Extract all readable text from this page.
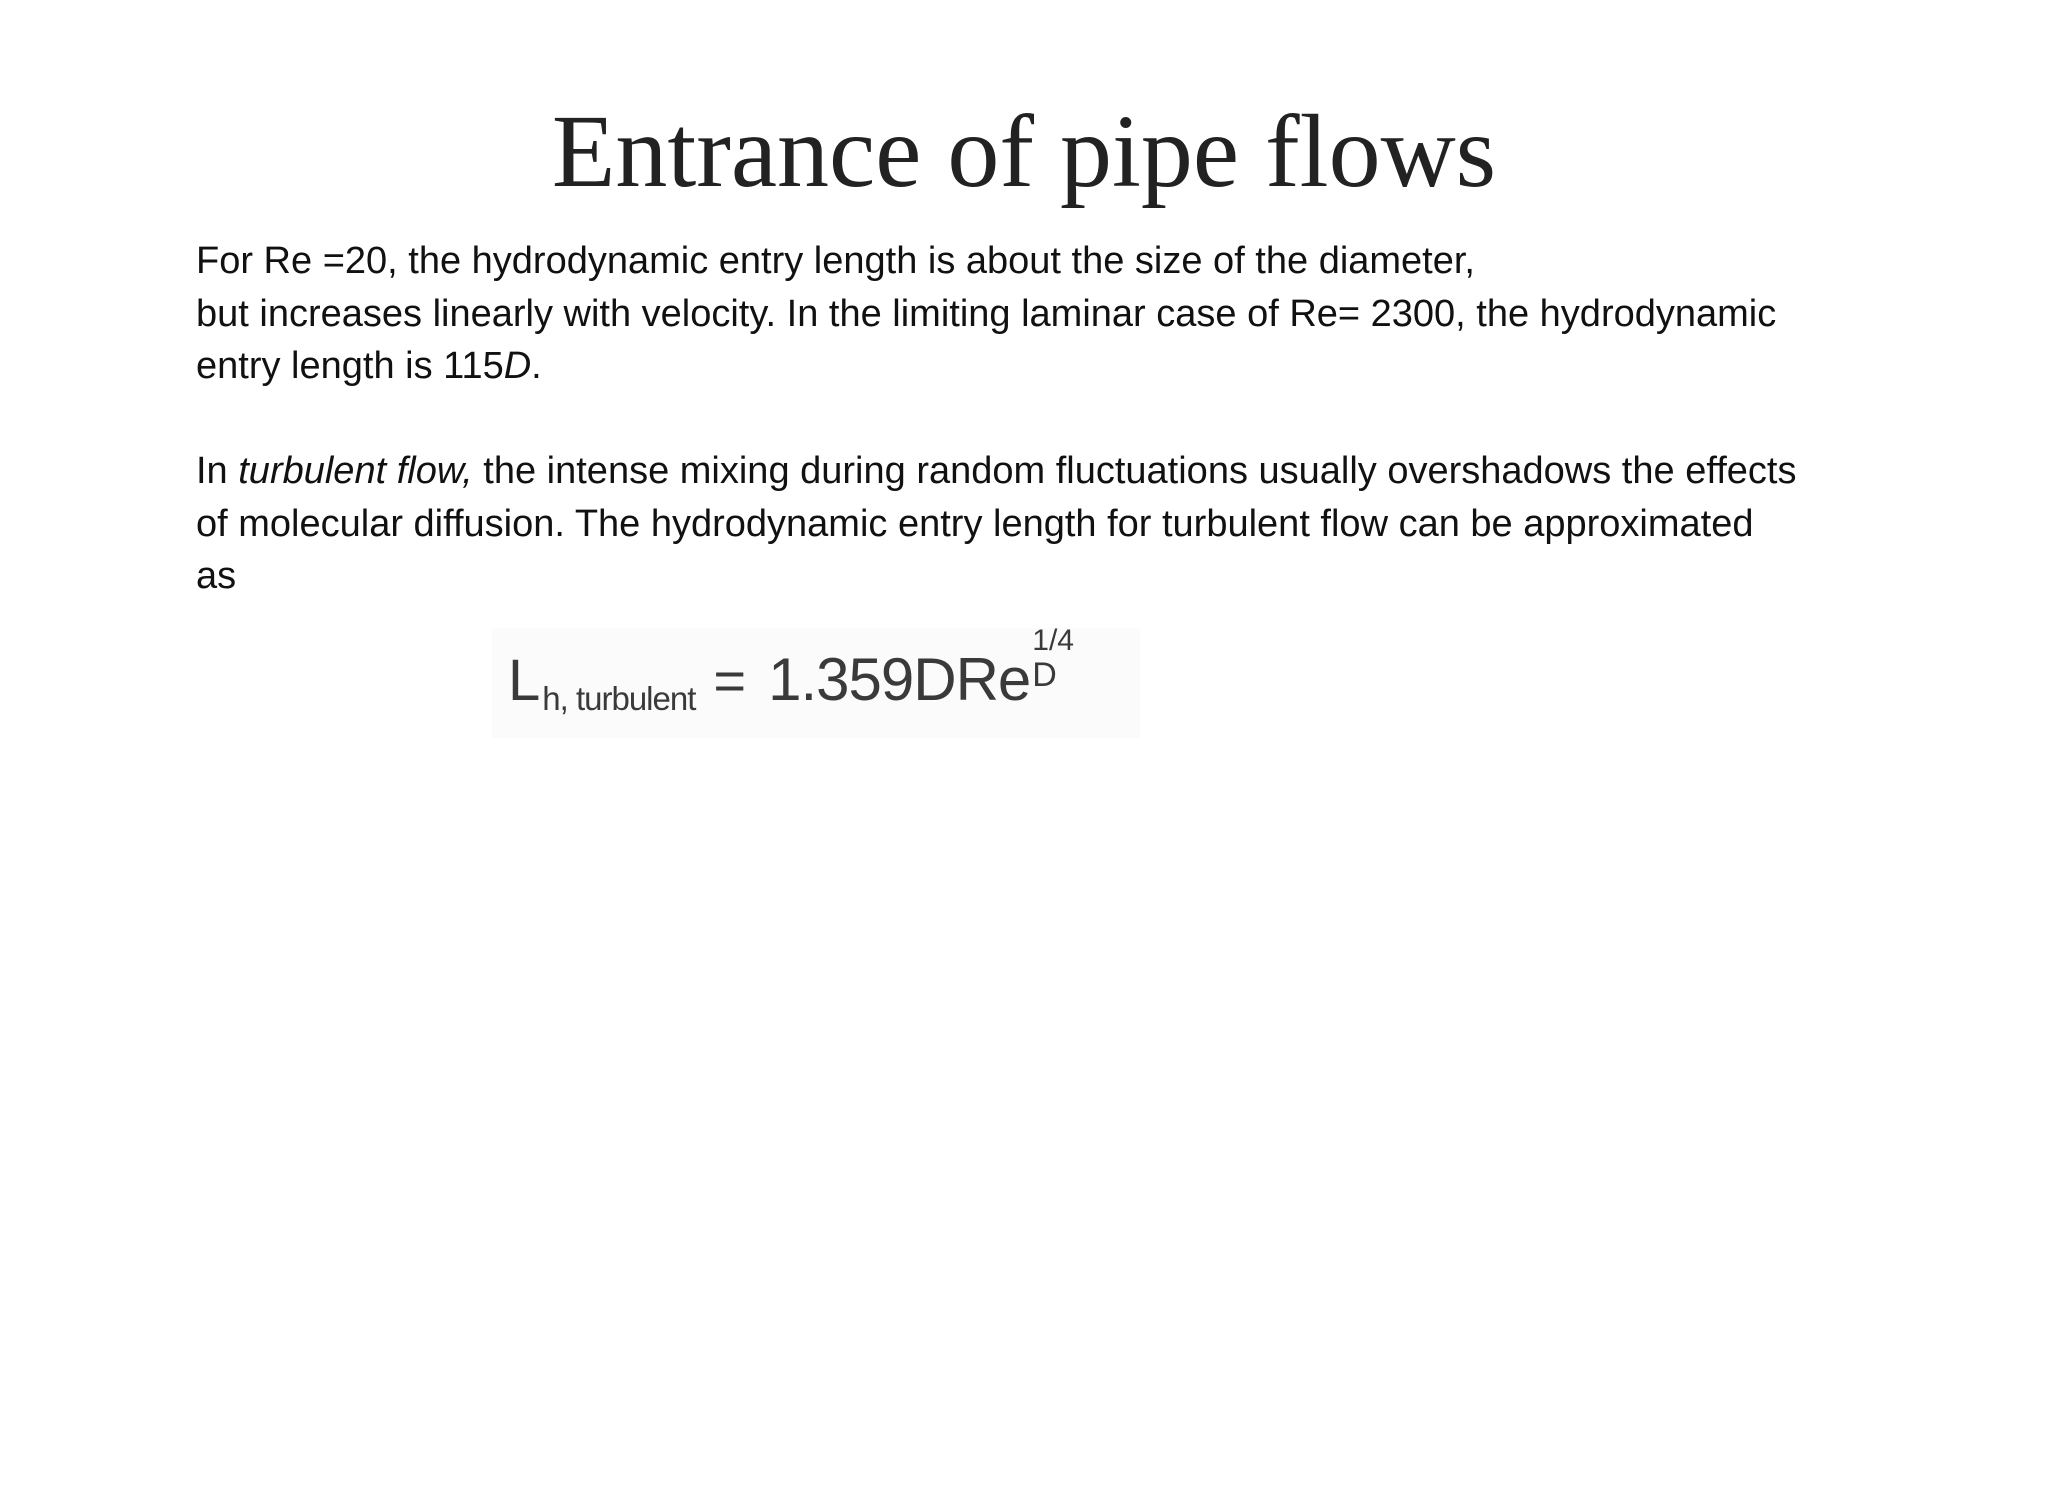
Entrance of pipe flows
For Re =20, the hydrodynamic entry length is about the size of the diameter,
but increases linearly with velocity. In the limiting laminar case of Re= 2300, the hydrodynamic
entry length is 115D.
In turbulent flow, the intense mixing during random fluctuations usually overshadows the effects
of molecular diffusion. The hydrodynamic entry length for turbulent flow can be approximated
as
Lh, turbulent = 1.359DRe
1/4
D
